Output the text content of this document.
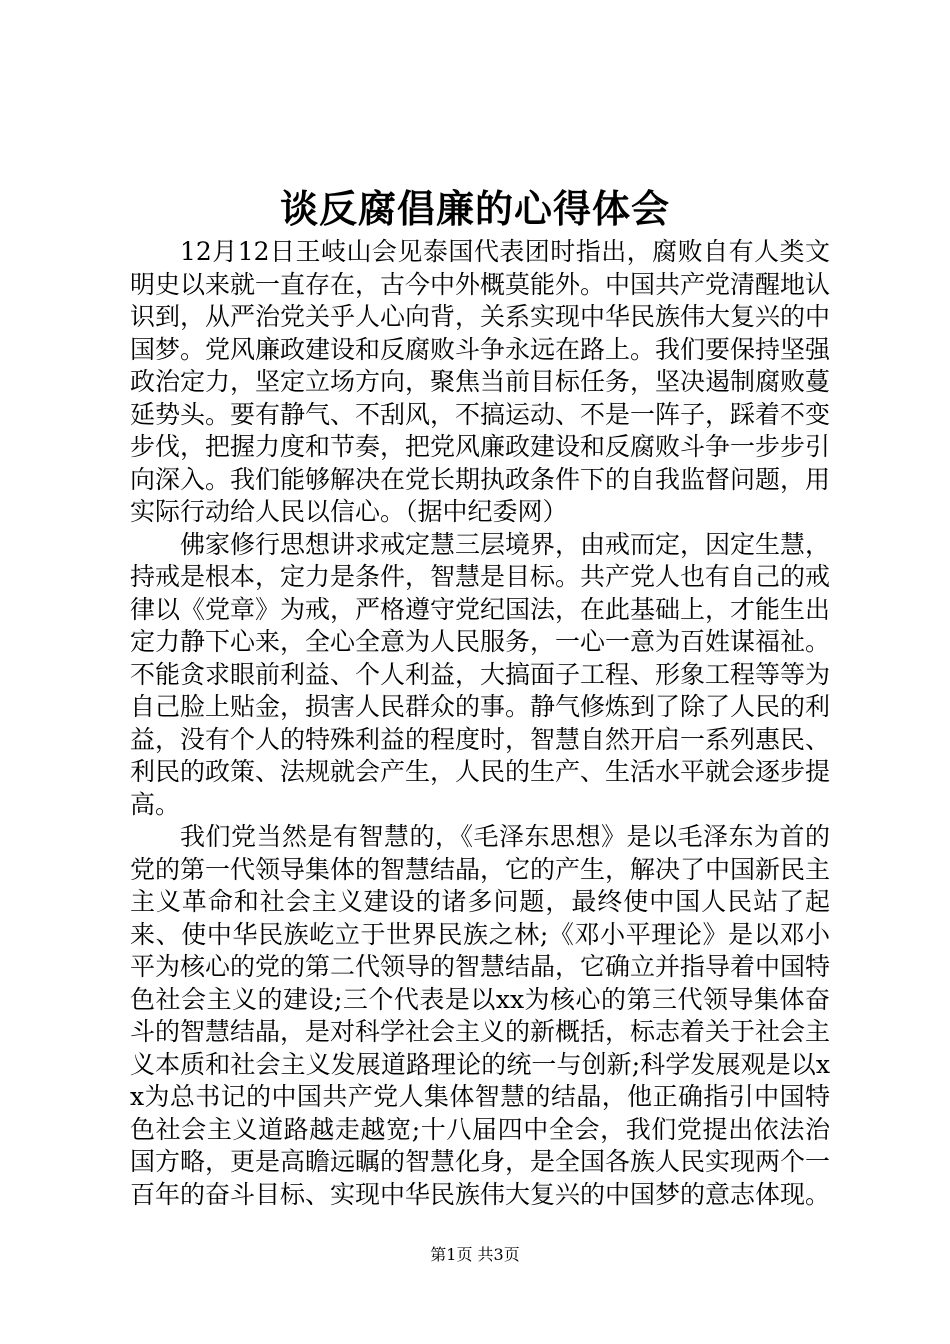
谈反腐倡廉的心得体会

12月12日王岐山会见泰国代表团时指出，腐败自有人类文明史以来就一直存在，古今中外概莫能外。中国共产党清醒地认识到，从严治党关乎人心向背，关系实现中华民族伟大复兴的中国梦。党风廉政建设和反腐败斗争永远在路上。我们要保持坚强政治定力，坚定立场方向，聚焦当前目标任务，坚决遏制腐败蔓延势头。要有静气、不刮风，不搞运动、不是一阵子，踩着不变步伐，把握力度和节奏，把党风廉政建设和反腐败斗争一步步引向深入。我们能够解决在党长期执政条件下的自我监督问题，用实际行动给人民以信心。（据中纪委网）

佛家修行思想讲求戒定慧三层境界，由戒而定，因定生慧，持戒是根本，定力是条件，智慧是目标。共产党人也有自己的戒律以《党章》为戒，严格遵守党纪国法，在此基础上，才能生出定力静下心来，全心全意为人民服务，一心一意为百姓谋福祉。不能贪求眼前利益、个人利益，大搞面子工程、形象工程等等为自己脸上贴金，损害人民群众的事。静气修炼到了除了人民的利益，没有个人的特殊利益的程度时，智慧自然开启一系列惠民、利民的政策、法规就会产生，人民的生产、生活水平就会逐步提高。

我们党当然是有智慧的，《毛泽东思想》是以毛泽东为首的党的第一代领导集体的智慧结晶，它的产生，解决了中国新民主主义革命和社会主义建设的诸多问题，最终使中国人民站了起来、使中华民族屹立于世界民族之林;《邓小平理论》是以邓小平为核心的党的第二代领导的智慧结晶，它确立并指导着中国特色社会主义的建设;三个代表是以xx为核心的第三代领导集体奋斗的智慧结晶，是对科学社会主义的新概括，标志着关于社会主义本质和社会主义发展道路理论的统一与创新;科学发展观是以xx为总书记的中国共产党人集体智慧的结晶，他正确指引中国特色社会主义道路越走越宽;十八届四中全会，我们党提出依法治国方略，更是高瞻远瞩的智慧化身，是全国各族人民实现两个一百年的奋斗目标、实现中华民族伟大复兴的中国梦的意志体现。

第1页 共3页
